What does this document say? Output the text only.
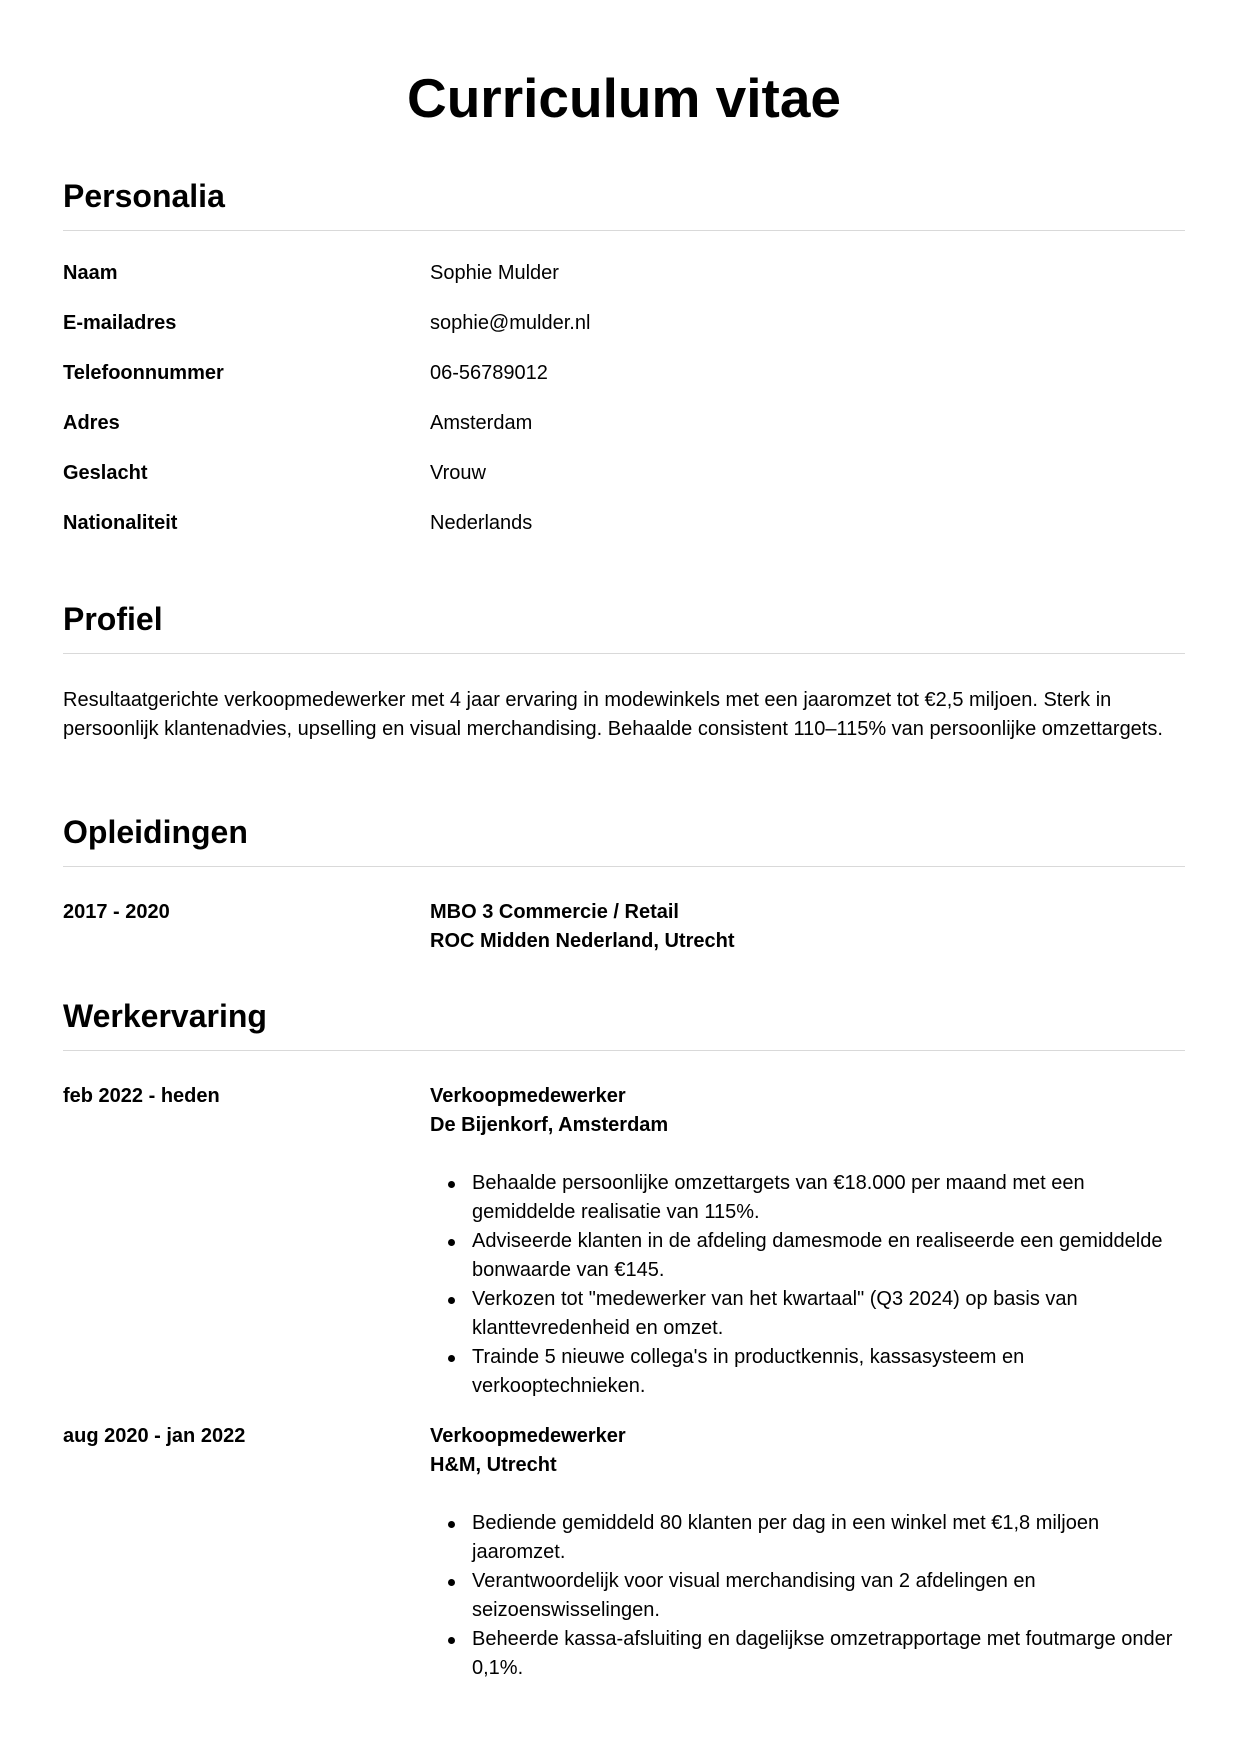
Curriculum vitae
Personalia
Naam	Sophie Mulder
E-mailadres	sophie@mulder.nl
Telefoonnummer	06-56789012
Adres	Amsterdam
Geslacht	Vrouw
Nationaliteit	Nederlands
Profiel

Resultaatgerichte verkoopmedewerker met 4 jaar ervaring in modewinkels met een jaaromzet tot €2,5 miljoen. Sterk in persoonlijk klantenadvies, upselling en visual merchandising. Behaalde consistent 110–115% van persoonlijke omzettargets.

Opleidingen
2017 - 2020	MBO 3 Commercie / Retail
ROC Midden Nederland, Utrecht
Werkervaring
feb 2022 - heden	Verkoopmedewerker
De Bijenkorf, Amsterdam
Behaalde persoonlijke omzettargets van €18.000 per maand met een gemiddelde realisatie van 115%.
Adviseerde klanten in de afdeling damesmode en realiseerde een gemiddelde bonwaarde van €145.
Verkozen tot "medewerker van het kwartaal" (Q3 2024) op basis van klanttevredenheid en omzet.
Trainde 5 nieuwe collega's in productkennis, kassasysteem en verkooptechnieken.
aug 2020 - jan 2022	Verkoopmedewerker
H&M, Utrecht
Bediende gemiddeld 80 klanten per dag in een winkel met €1,8 miljoen jaaromzet.
Verantwoordelijk voor visual merchandising van 2 afdelingen en seizoenswisselingen.
Beheerde kassa-afsluiting en dagelijkse omzetrapportage met foutmarge onder 0,1%.
